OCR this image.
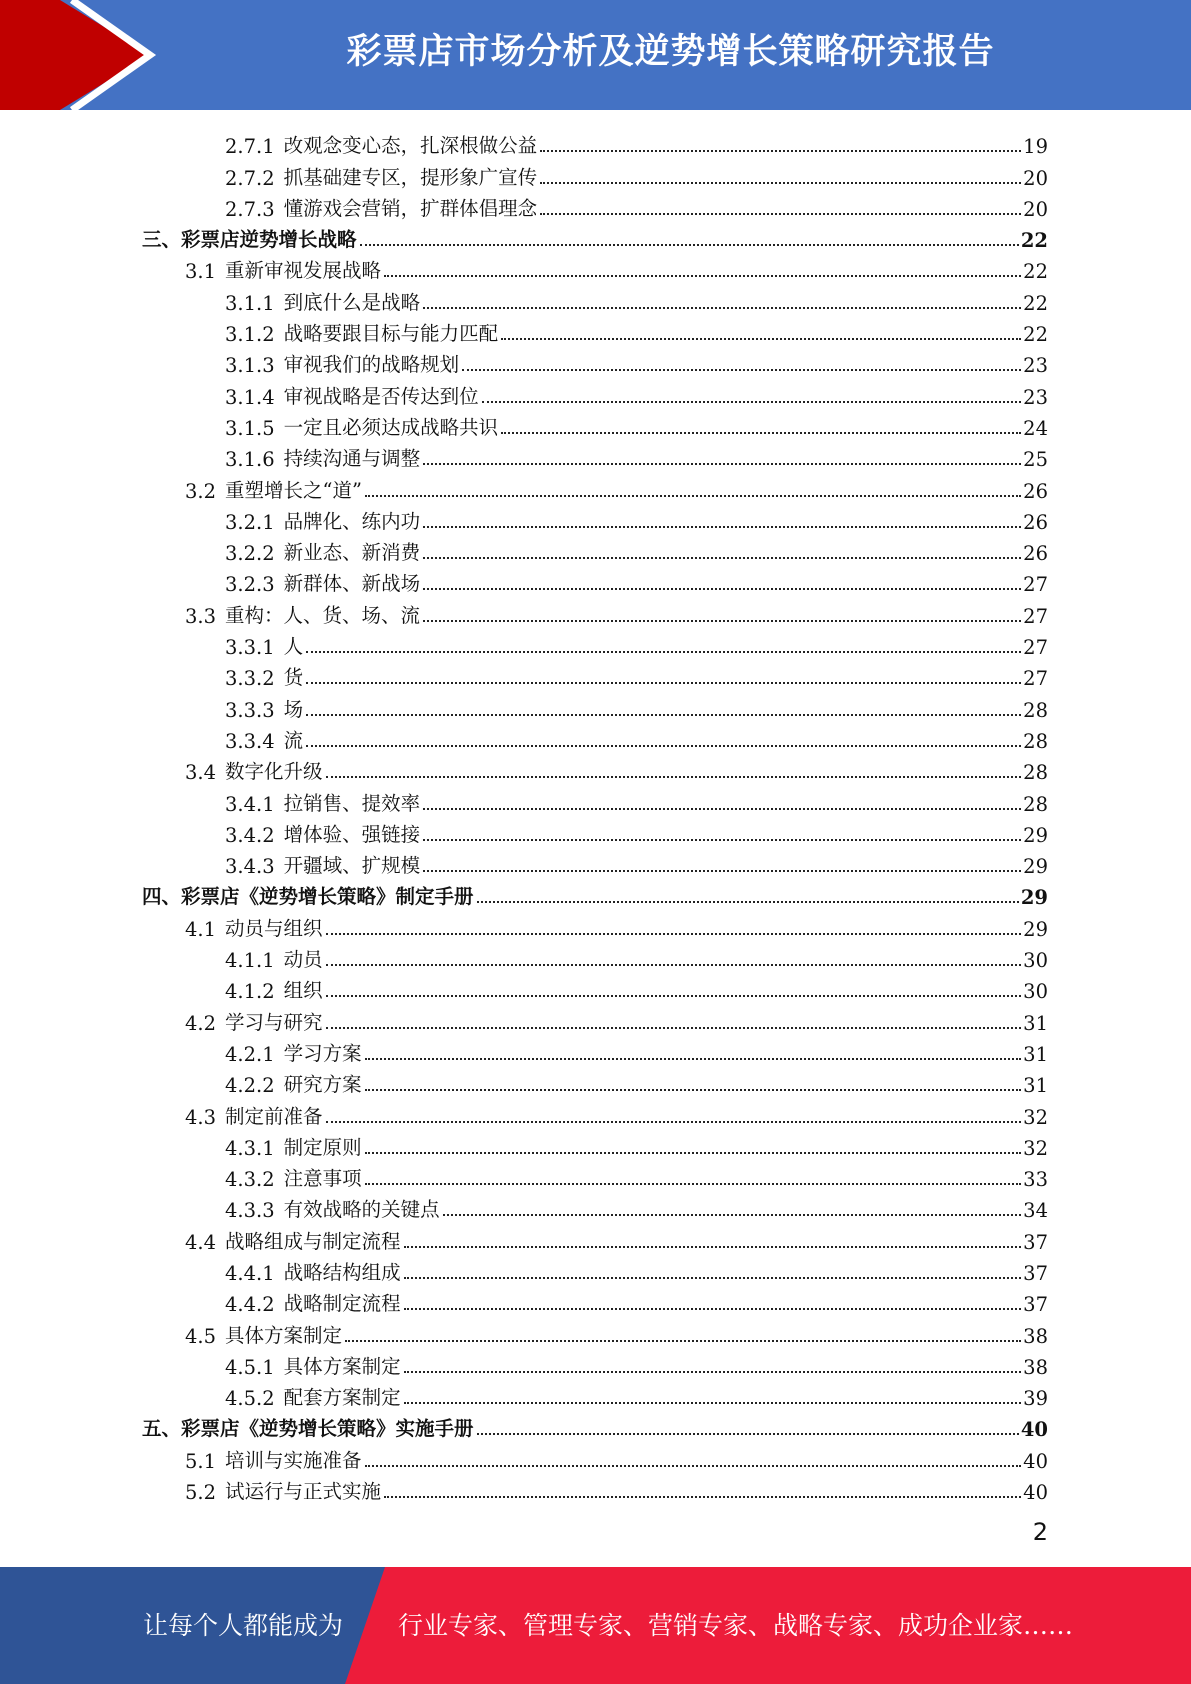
彩票店市场分析及逆势增长策略研究报告
2.7.1 改观念变心态，扎深根做公益	19
2.7.2 抓基础建专区，提形象广宣传	20
2.7.3 懂游戏会营销，扩群体倡理念	20
三、彩票店逆势增长战略	22
3.1 重新审视发展战略	22
3.1.1 到底什么是战略	22
3.1.2 战略要跟目标与能力匹配	22
3.1.3 审视我们的战略规划	23
3.1.4 审视战略是否传达到位	23
3.1.5 一定且必须达成战略共识	24
3.1.6 持续沟通与调整	25
3.2 重塑增长之“道”	26
3.2.1 品牌化、练内功	26
3.2.2 新业态、新消费	26
3.2.3 新群体、新战场	27
3.3 重构：人、货、场、流	27
3.3.1 人	27
3.3.2 货	27
3.3.3 场	28
3.3.4 流	28
3.4 数字化升级	28
3.4.1 拉销售、提效率	28
3.4.2 增体验、强链接	29
3.4.3 开疆域、扩规模	29
四、彩票店《逆势增长策略》制定手册	29
4.1 动员与组织	29
4.1.1 动员	30
4.1.2 组织	30
4.2 学习与研究	31
4.2.1 学习方案	31
4.2.2 研究方案	31
4.3 制定前准备	32
4.3.1 制定原则	32
4.3.2 注意事项	33
4.3.3 有效战略的关键点	34
4.4 战略组成与制定流程	37
4.4.1 战略结构组成	37
4.4.2 战略制定流程	37
4.5 具体方案制定	38
4.5.1 具体方案制定	38
4.5.2 配套方案制定	39
五、彩票店《逆势增长策略》实施手册	40
5.1 培训与实施准备	40
5.2 试运行与正式实施	40
2
让每个人都能成为 行业专家、管理专家、营销专家、战略专家、成功企业家……
